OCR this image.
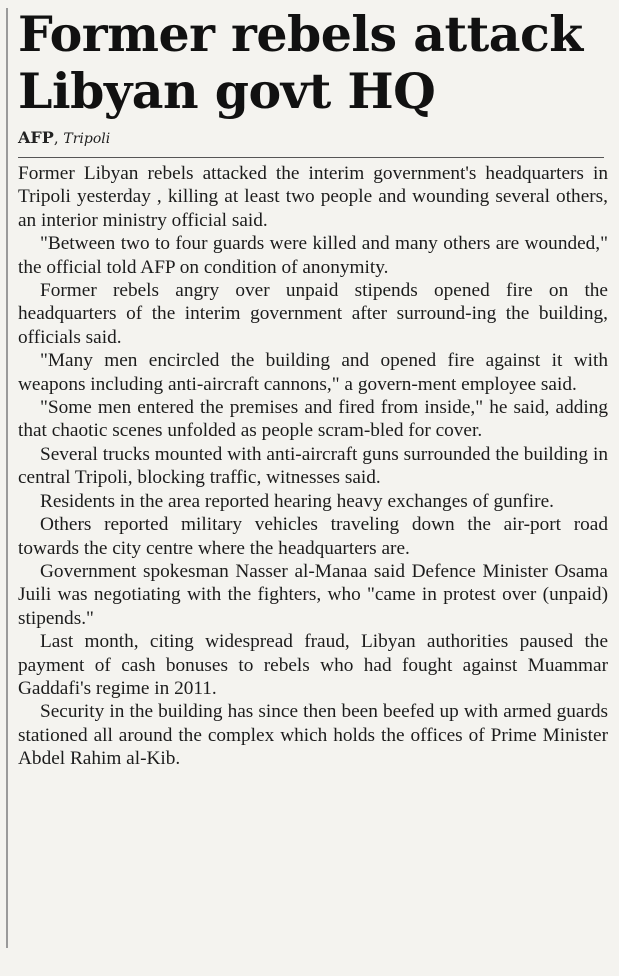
Former rebels attack Libyan govt HQ
AFP, Tripoli

Former Libyan rebels attacked the interim government's headquarters in Tripoli yesterday , killing at least two people and wounding several others, an interior ministry official said.

"Between two to four guards were killed and many others are wounded," the official told AFP on condition of anonymity.

Former rebels angry over unpaid stipends opened fire on the headquarters of the interim government after surround-ing the building, officials said.

"Many men encircled the building and opened fire against it with weapons including anti-aircraft cannons," a govern-ment employee said.

"Some men entered the premises and fired from inside," he said, adding that chaotic scenes unfolded as people scram-bled for cover.

Several trucks mounted with anti-aircraft guns surrounded the building in central Tripoli, blocking traffic, witnesses said.

Residents in the area reported hearing heavy exchanges of gunfire.

Others reported military vehicles traveling down the air-port road towards the city centre where the headquarters are.

Government spokesman Nasser al-Manaa said Defence Minister Osama Juili was negotiating with the fighters, who "came in protest over (unpaid) stipends."

Last month, citing widespread fraud, Libyan authorities paused the payment of cash bonuses to rebels who had fought against Muammar Gaddafi's regime in 2011.

Security in the building has since then been beefed up with armed guards stationed all around the complex which holds the offices of Prime Minister Abdel Rahim al-Kib.
